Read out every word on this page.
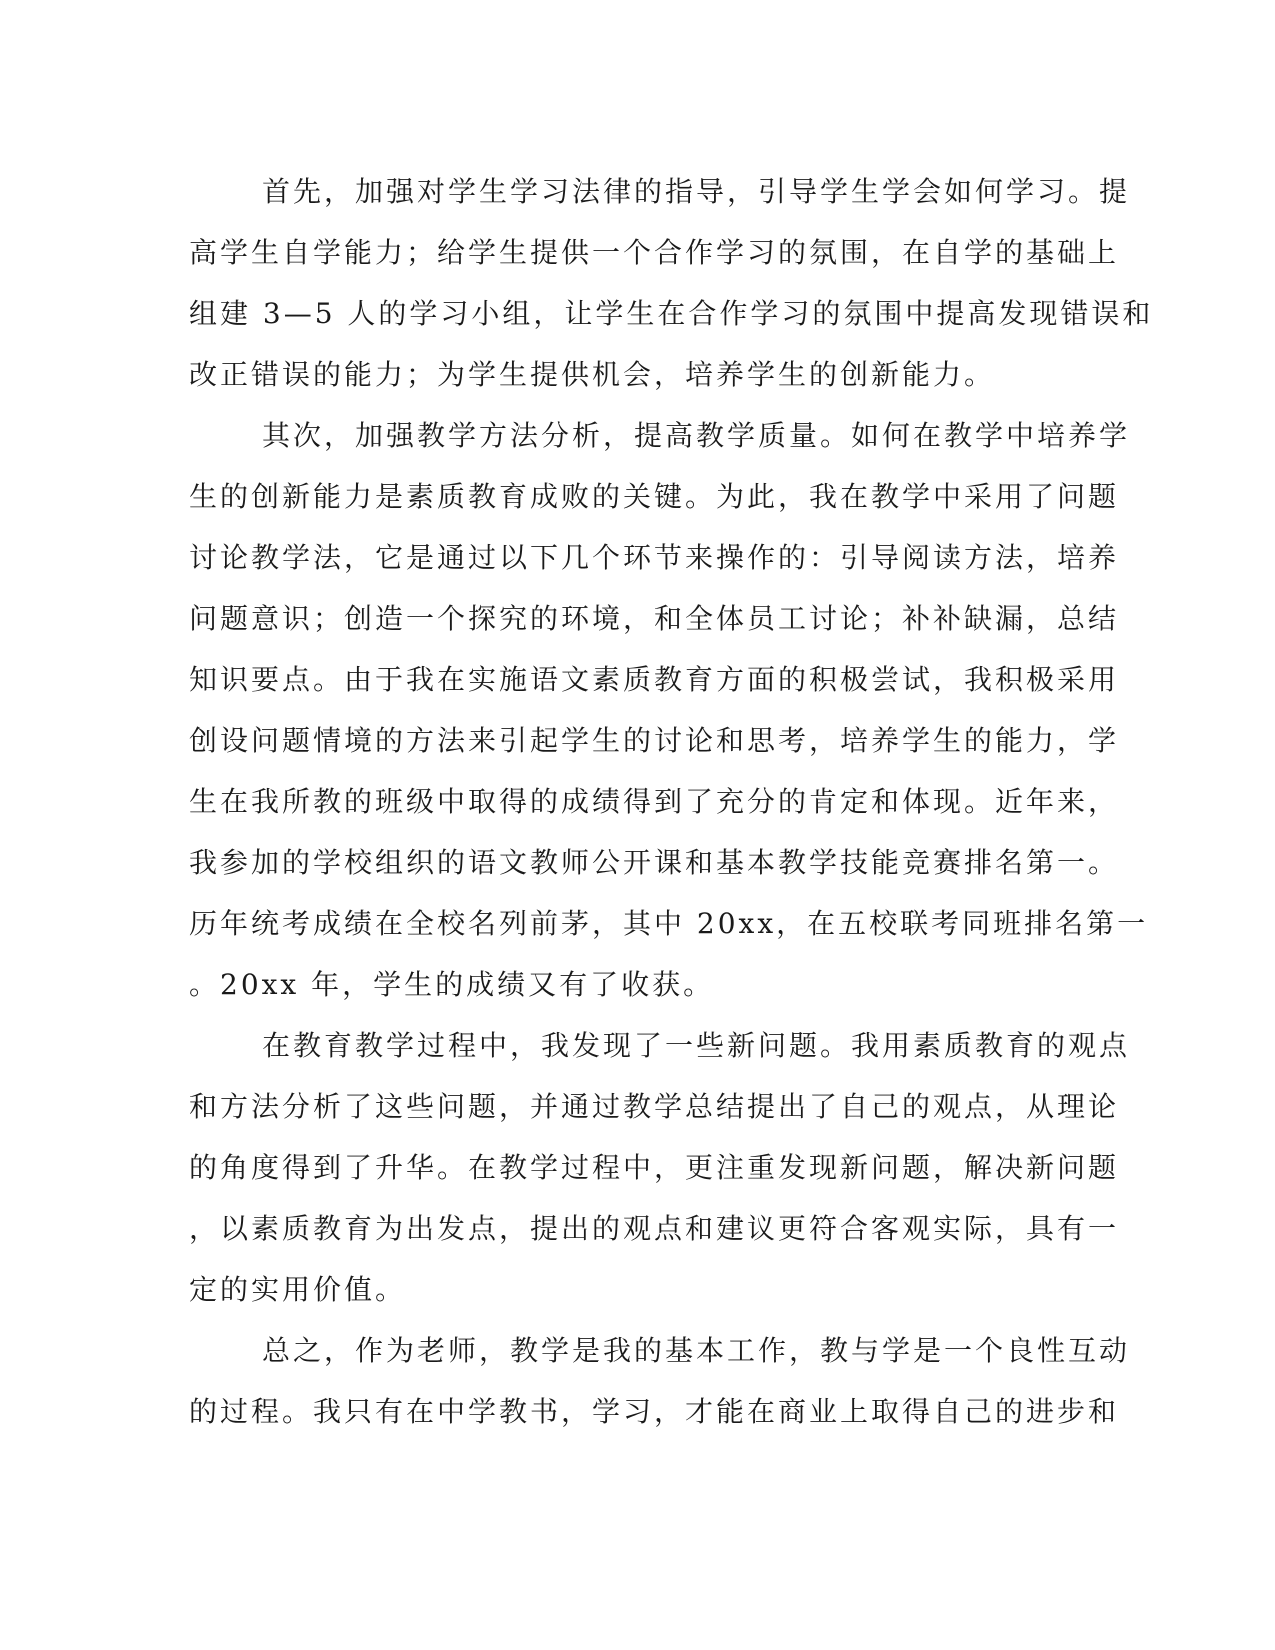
首先，加强对学生学习法律的指导，引导学生学会如何学习。提
高学生自学能力；给学生提供一个合作学习的氛围，在自学的基础上
组建 3—5 人的学习小组，让学生在合作学习的氛围中提高发现错误和
改正错误的能力；为学生提供机会，培养学生的创新能力。
其次，加强教学方法分析，提高教学质量。如何在教学中培养学
生的创新能力是素质教育成败的关键。为此，我在教学中采用了问题
讨论教学法，它是通过以下几个环节来操作的：引导阅读方法，培养
问题意识；创造一个探究的环境，和全体员工讨论；补补缺漏，总结
知识要点。由于我在实施语文素质教育方面的积极尝试，我积极采用
创设问题情境的方法来引起学生的讨论和思考，培养学生的能力，学
生在我所教的班级中取得的成绩得到了充分的肯定和体现。近年来，
我参加的学校组织的语文教师公开课和基本教学技能竞赛排名第一。
历年统考成绩在全校名列前茅，其中 20xx，在五校联考同班排名第一
。20xx 年，学生的成绩又有了收获。
在教育教学过程中，我发现了一些新问题。我用素质教育的观点
和方法分析了这些问题，并通过教学总结提出了自己的观点，从理论
的角度得到了升华。在教学过程中，更注重发现新问题，解决新问题
，以素质教育为出发点，提出的观点和建议更符合客观实际，具有一
定的实用价值。
总之，作为老师，教学是我的基本工作，教与学是一个良性互动
的过程。我只有在中学教书，学习，才能在商业上取得自己的进步和
